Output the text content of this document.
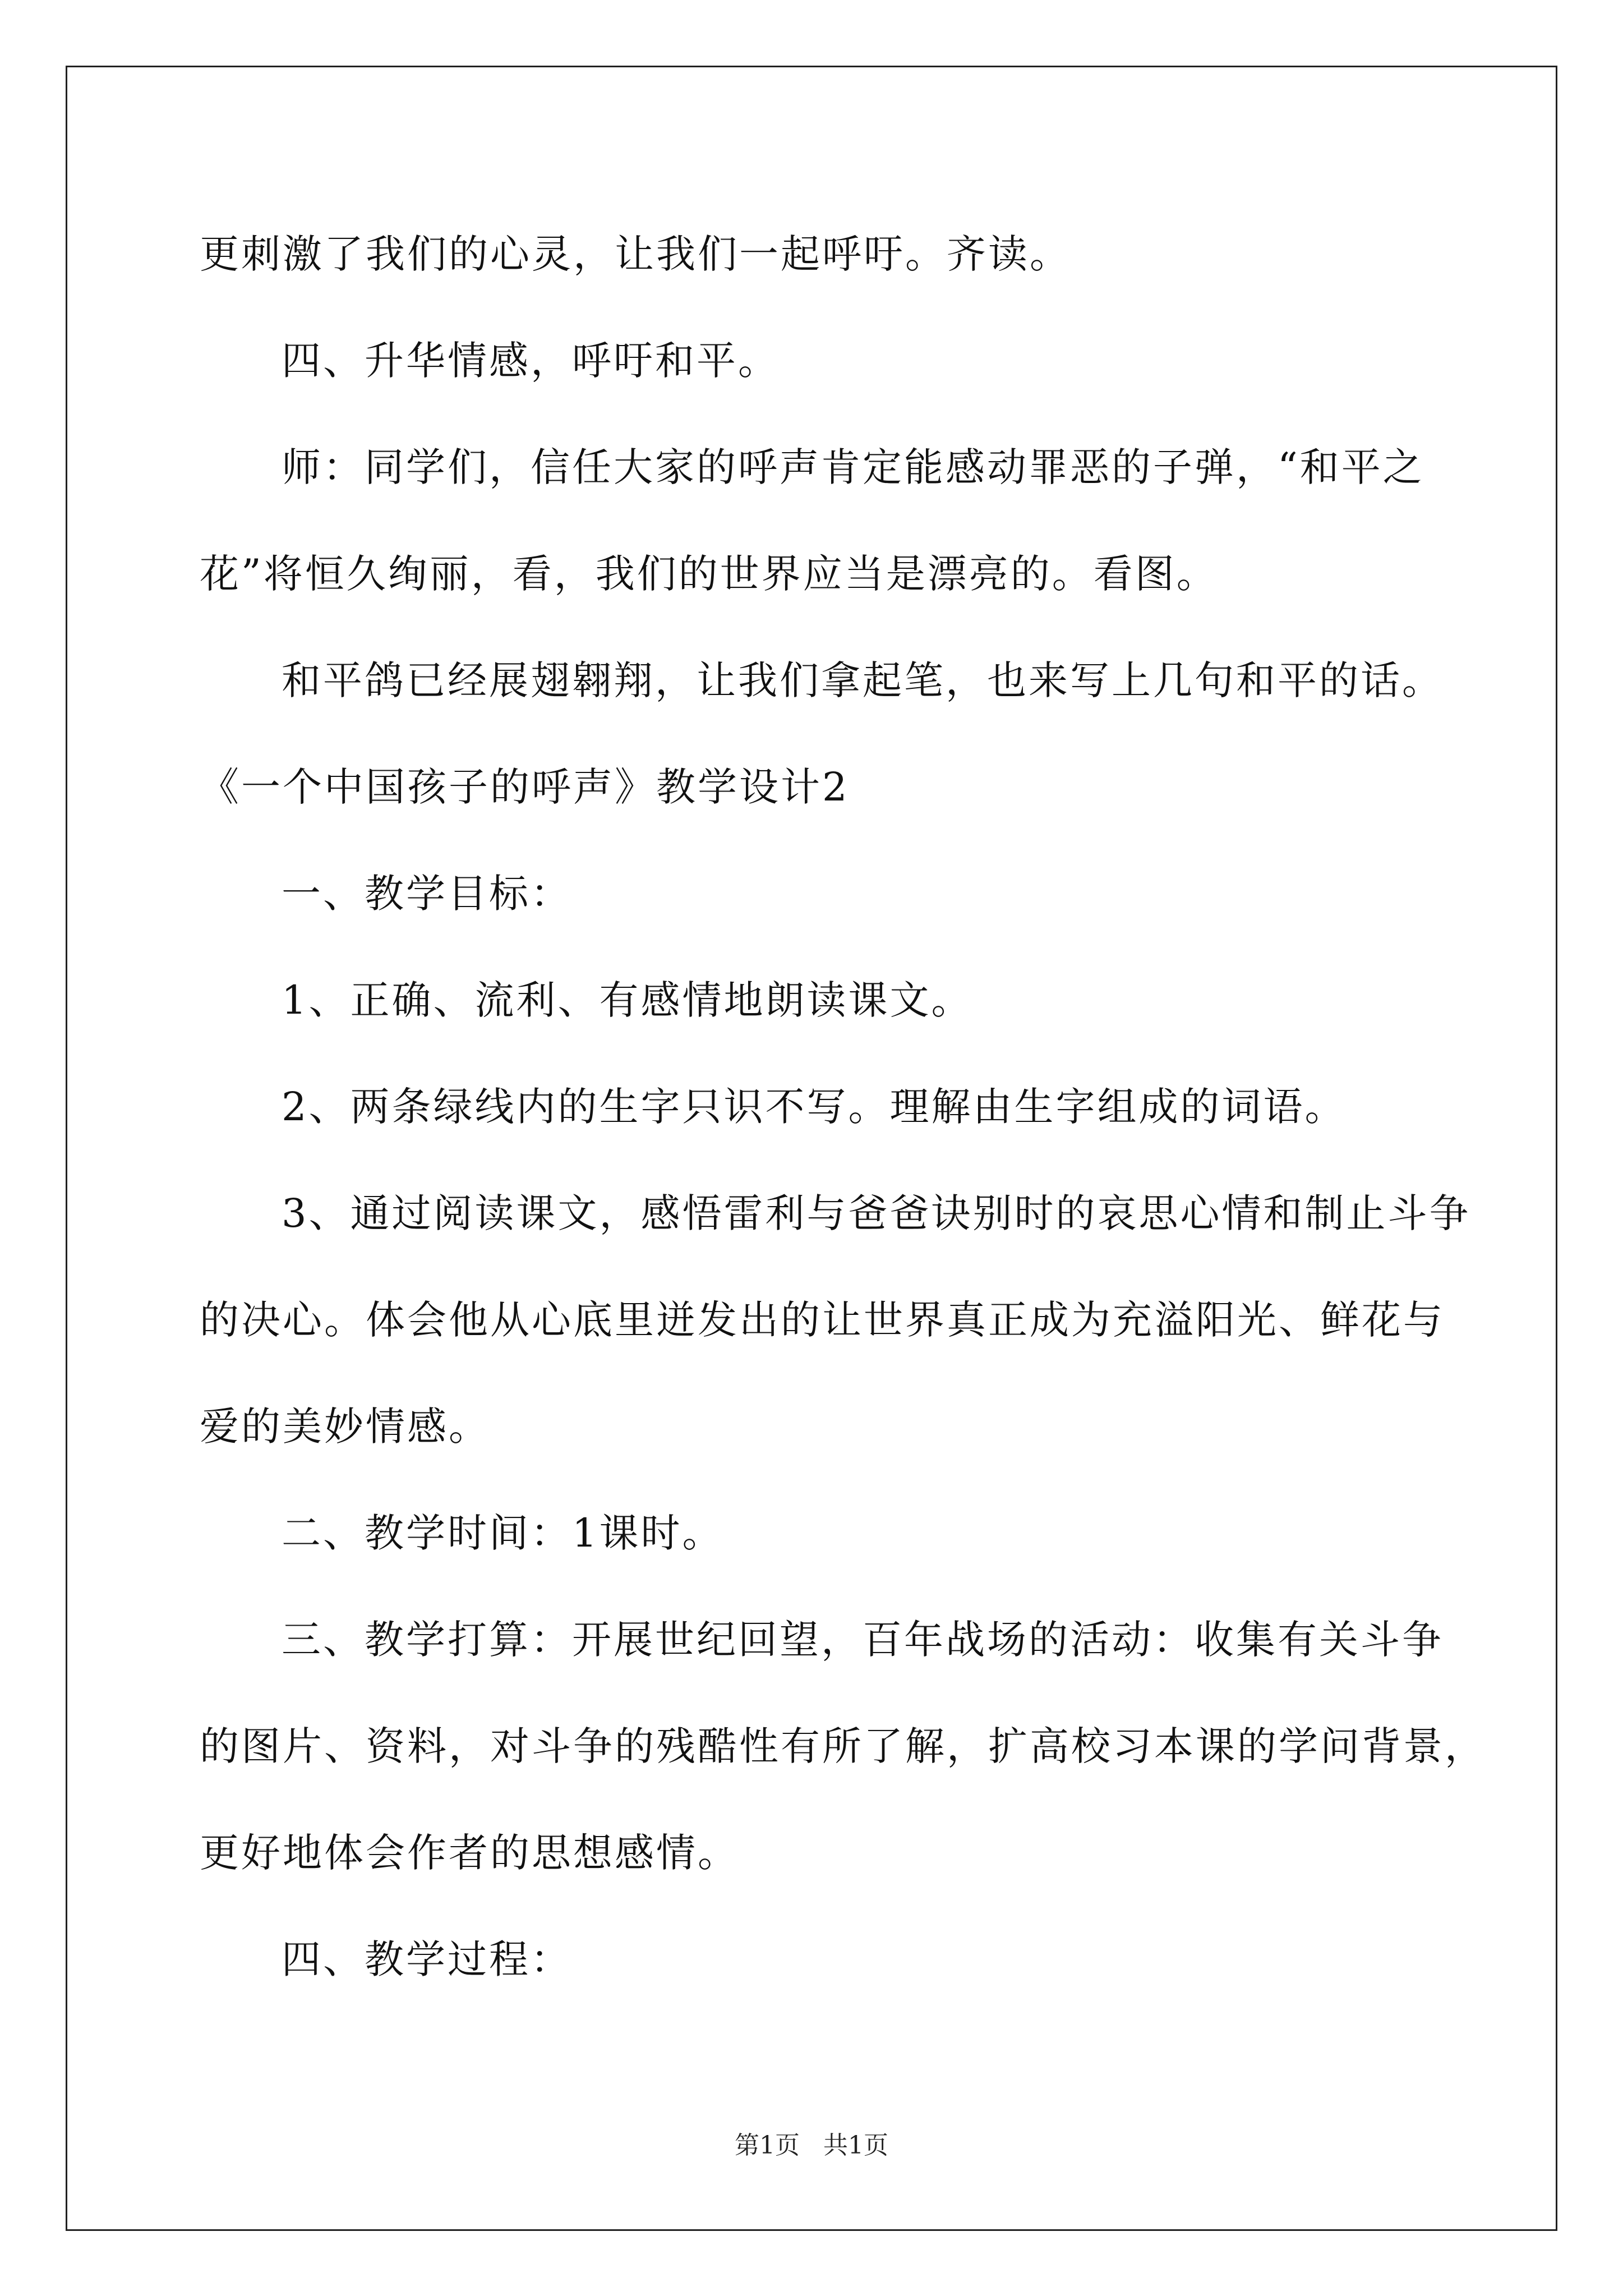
更刺激了我们的心灵，让我们一起呼吁。齐读。
四、升华情感，呼吁和平。
师：同学们，信任大家的呼声肯定能感动罪恶的子弹，“和平之
花”将恒久绚丽，看，我们的世界应当是漂亮的。看图。
和平鸽已经展翅翱翔，让我们拿起笔，也来写上几句和平的话。
《一个中国孩子的呼声》教学设计2
一、教学目标：
1、正确、流利、有感情地朗读课文。
2、两条绿线内的生字只识不写。理解由生字组成的词语。
3、通过阅读课文，感悟雷利与爸爸诀别时的哀思心情和制止斗争
的决心。体会他从心底里迸发出的让世界真正成为充溢阳光、鲜花与
爱的美妙情感。
二、教学时间：1课时。
三、教学打算：开展世纪回望，百年战场的活动：收集有关斗争
的图片、资料，对斗争的残酷性有所了解，扩高校习本课的学问背景，
更好地体会作者的思想感情。
四、教学过程：
第1页   共1页
